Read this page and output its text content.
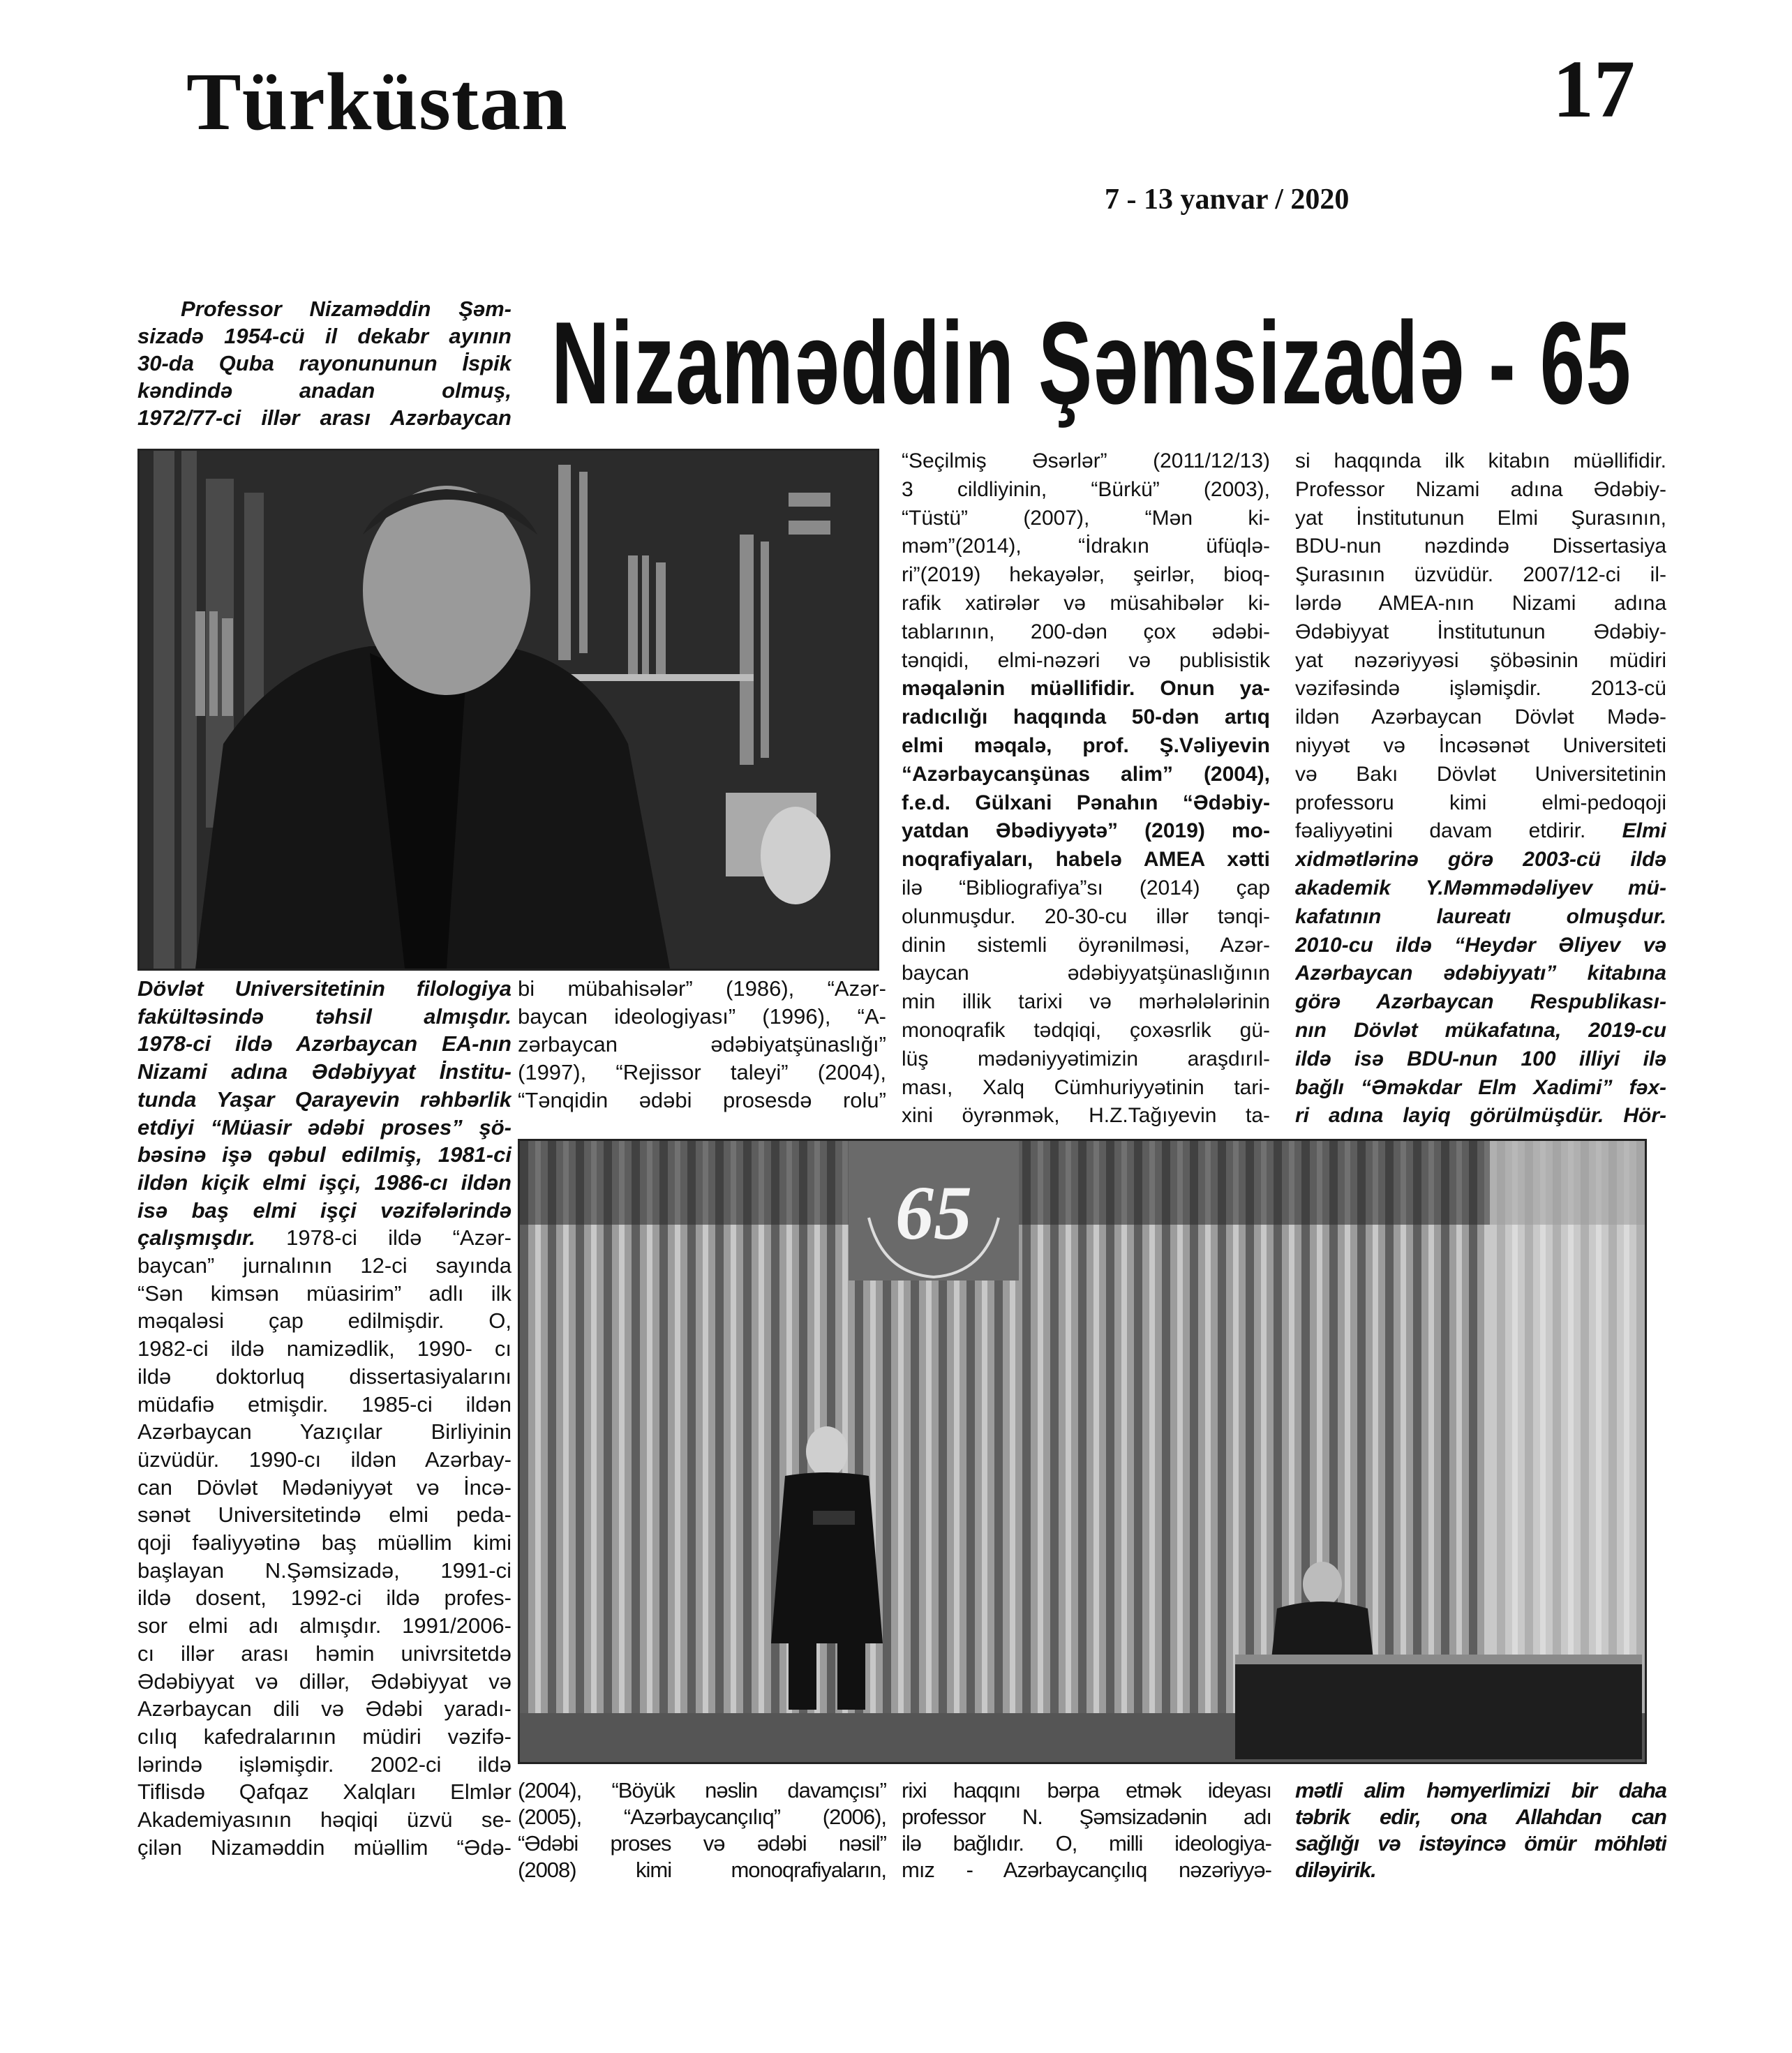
Türküstan	17
7 - 13 yanvar / 2020
Nizaməddin Şəmsizadə - 65
Professor Nizaməddin Şəm-
sizadə 1954-cü il dekabr ayının
30-da Quba rayonununun İspik
kəndində anadan olmuş,
1972/77-ci illər arası Azərbaycan
Dövlət Universitetinin filologiya
fakültəsində təhsil almışdır.
1978-ci ildə Azərbaycan EA-nın
Nizami adına Ədəbiyyat İnstitu-
tunda Yaşar Qarayevin rəhbərlik
etdiyi “Müasir ədəbi proses” şö-
bəsinə işə qəbul edilmiş, 1981-ci
ildən kiçik elmi işçi, 1986-cı ildən
isə baş elmi işçi vəzifələrində
çalışmışdır. 1978-ci ildə “Azər-
baycan” jurnalının 12-ci sayında
“Sən kimsən müasirim” adlı ilk
məqaləsi çap edilmişdir. O,
1982-ci ildə namizədlik, 1990- cı
ildə doktorluq dissertasiyalarını
müdafiə etmişdir. 1985-ci ildən
Azərbaycan Yazıçılar Birliyinin
üzvüdür. 1990-cı ildən Azərbay-
can Dövlət Mədəniyyət və İncə-
sənət Universitetində elmi peda-
qoji fəaliyyətinə baş müəllim kimi
başlayan N.Şəmsizadə, 1991-ci
ildə dosent, 1992-ci ildə profes-
sor elmi adı almışdır. 1991/2006-
cı illər arası həmin univrsitetdə
Ədəbiyyat və dillər, Ədəbiyyat və
Azərbaycan dili və Ədəbi yaradı-
cılıq kafedralarının müdiri vəzifə-
lərində işləmişdir. 2002-ci ildə
Tiflisdə Qafqaz Xalqları Elmlər
Akademiyasının həqiqi üzvü se-
çilən Nizaməddin müəllim “Ədə-
bi mübahisələr” (1986), “Azər-
baycan ideologiyası” (1996), “A-
zərbaycan ədəbiyatşünaslığı”
(1997), “Rejissor taleyi” (2004),
“Tənqidin ədəbi prosesdə rolu”
“Seçilmiş Əsərlər” (2011/12/13)
3 cildliyinin, “Bürkü” (2003),
“Tüstü” (2007), “Mən ki-
məm”(2014), “İdrakın üfüqlə-
ri”(2019) hekayələr, şeirlər, bioq-
rafik xatirələr və müsahibələr ki-
tablarının, 200-dən çox ədəbi-
tənqidi, elmi-nəzəri və publisistik
məqalənin müəllifidir. Onun ya-
radıcılığı haqqında 50-dən artıq
elmi məqalə, prof. Ş.Vəliyevin
“Azərbaycanşünas alim” (2004),
f.e.d. Gülxani Pənahın “Ədəbiy-
yatdan Əbədiyyətə” (2019) mo-
noqrafiyaları, habelə AMEA xətti
ilə “Bibliografiya”sı (2014) çap
olunmuşdur. 20-30-cu illər tənqi-
dinin sistemli öyrənilməsi, Azər-
baycan ədəbiyyatşünaslığının
min illik tarixi və mərhələlərinin
monoqrafik tədqiqi, çoxəsrlik gü-
lüş mədəniyyətimizin araşdırıl-
ması, Xalq Cümhuriyyətinin tari-
xini öyrənmək, H.Z.Tağıyevin ta-
si haqqında ilk kitabın müəllifidir.
Professor Nizami adına Ədəbiy-
yat İnstitutunun Elmi Şurasının,
BDU-nun nəzdində Dissertasiya
Şurasının üzvüdür. 2007/12-ci il-
lərdə AMEA-nın Nizami adına
Ədəbiyyat İnstitutunun Ədəbiy-
yat nəzəriyyəsi şöbəsinin müdiri
vəzifəsində işləmişdir. 2013-cü
ildən Azərbaycan Dövlət Mədə-
niyyət və İncəsənət Universiteti
və Bakı Dövlət Universitetinin
professoru kimi elmi-pedoqoji
fəaliyyətini davam etdirir. Elmi
xidmətlərinə görə 2003-cü ildə
akademik Y.Məmmədəliyev mü-
kafatının laureatı olmuşdur.
2010-cu ildə “Heydər Əliyev və
Azərbaycan ədəbiyyatı” kitabına
görə Azərbaycan Respublikası-
nın Dövlət mükafatına, 2019-cu
ildə isə BDU-nun 100 illiyi ilə
bağlı “Əməkdar Elm Xadimi” fəx-
ri adına layiq görülmüşdür. Hör-
65
(2004), “Böyük nəslin davamçısı”
(2005), “Azərbaycançılıq” (2006),
“Ədəbi proses və ədəbi nəsil”
(2008) kimi monoqrafiyaların,
rixi haqqını bərpa etmək ideyası
professor N. Şəmsizadənin adı
ilə bağlıdır. O, milli ideologiya-
mız - Azərbaycançılıq nəzəriyyə-
mətli alim həmyerlimizi bir daha
təbrik edir, ona Allahdan can
sağlığı və istəyincə ömür möhləti
diləyirik.
